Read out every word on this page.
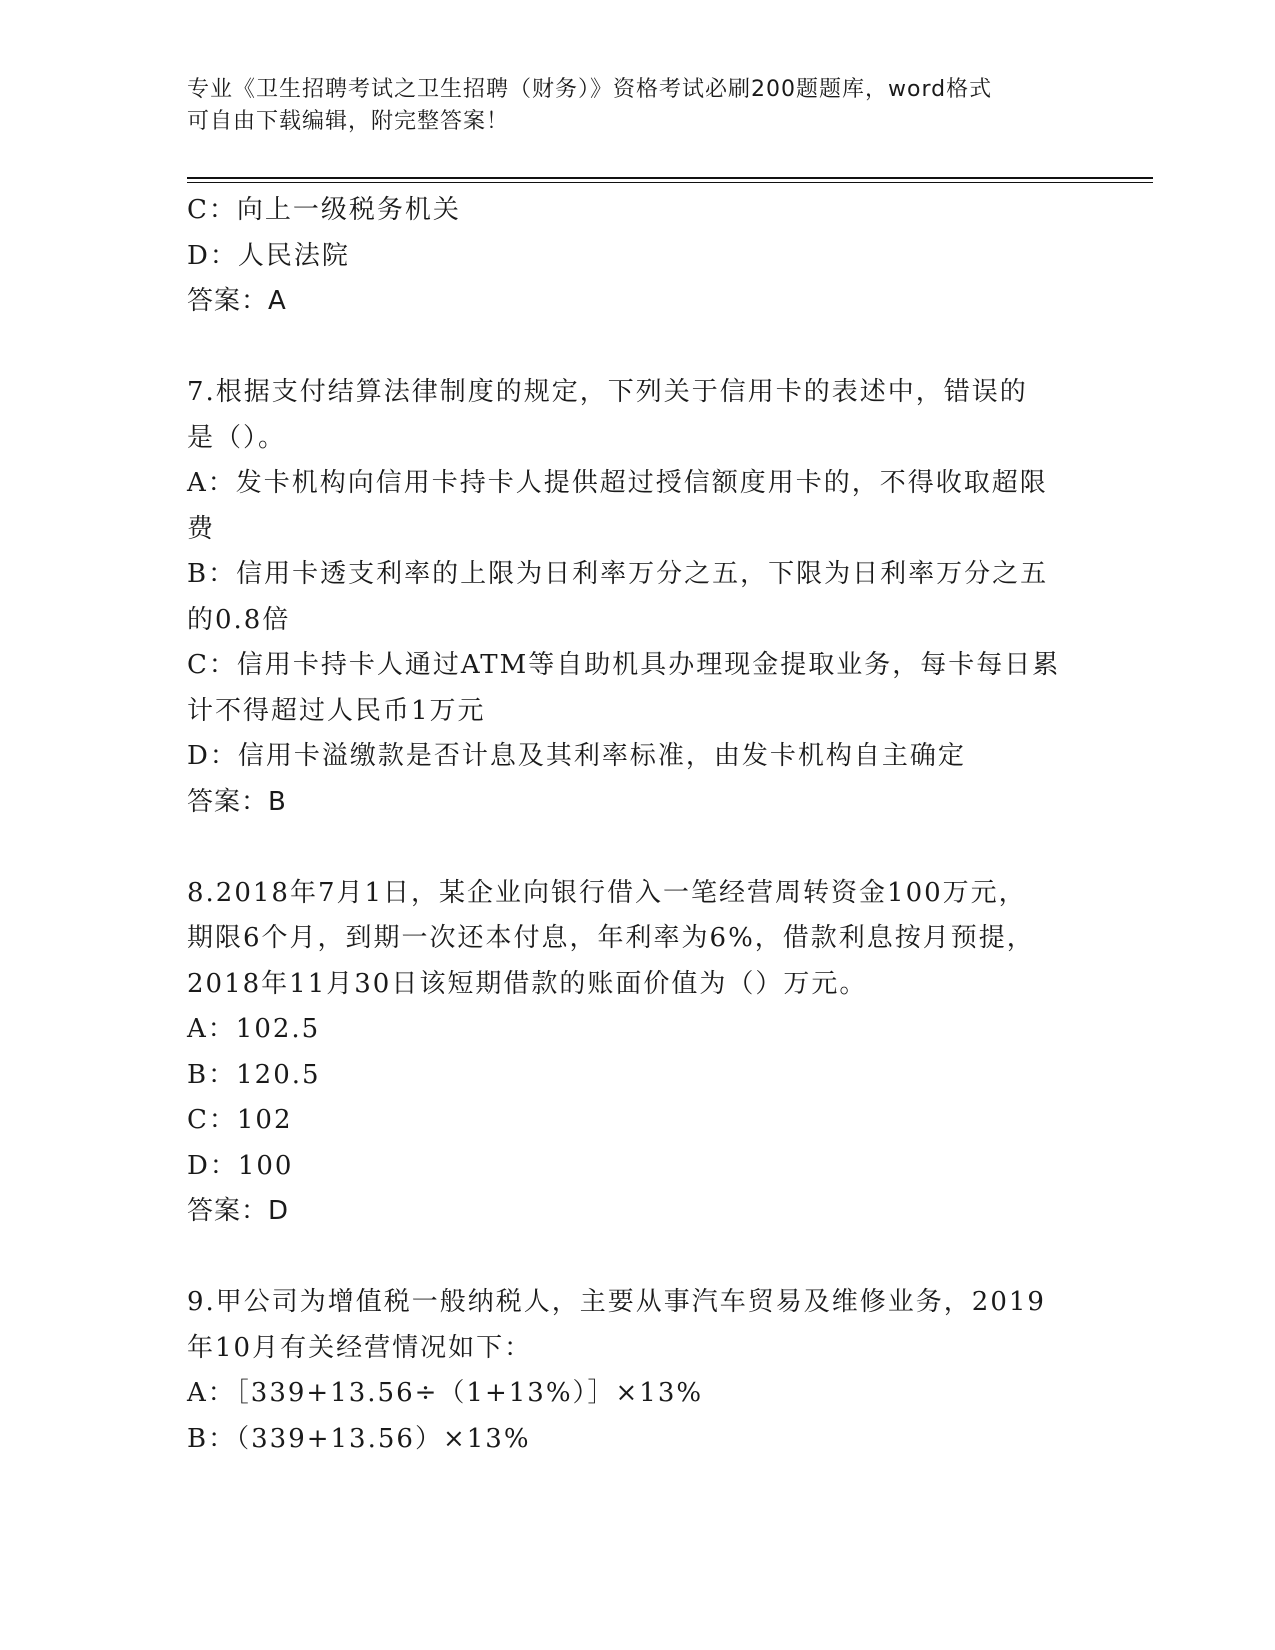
专业《卫生招聘考试之卫生招聘（财务）》资格考试必刷200题题库，word格式
可自由下载编辑，附完整答案！
C：向上一级税务机关
D：人民法院
答案：A
7.根据支付结算法律制度的规定，下列关于信用卡的表述中，错误的
是（）。
A：发卡机构向信用卡持卡人提供超过授信额度用卡的，不得收取超限
费
B：信用卡透支利率的上限为日利率万分之五，下限为日利率万分之五
的0.8倍
C：信用卡持卡人通过ATM等自助机具办理现金提取业务，每卡每日累
计不得超过人民币1万元
D：信用卡溢缴款是否计息及其利率标准，由发卡机构自主确定
答案：B
8.2018年7月1日，某企业向银行借入一笔经营周转资金100万元，
期限6个月，到期一次还本付息，年利率为6%，借款利息按月预提，
2018年11月30日该短期借款的账面价值为（）万元。
A：102.5
B：120.5
C：102
D：100
答案：D
9.甲公司为增值税一般纳税人，主要从事汽车贸易及维修业务，2019
年10月有关经营情况如下：
A：［339+13.56÷（1+13%）］×13%
B：（339+13.56）×13%
